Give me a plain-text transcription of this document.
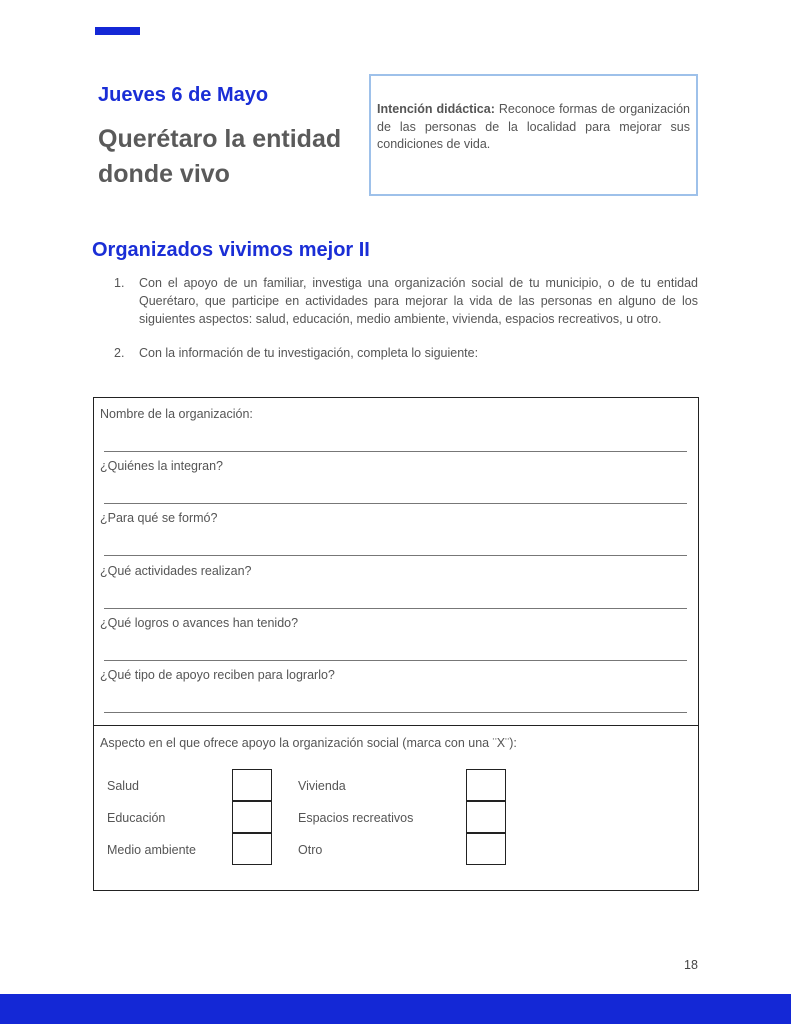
Jueves 6 de Mayo
Querétaro la entidad donde vivo
Intención didáctica: Reconoce formas de organización de las personas de la localidad para mejorar sus condiciones de vida.
Organizados vivimos mejor II
1.	Con el apoyo de un familiar, investiga una organización social de tu municipio, o de tu entidad Querétaro, que participe en actividades para mejorar la vida de las personas en alguno de los siguientes aspectos: salud, educación, medio ambiente, vivienda, espacios recreativos, u otro.
2.	Con la información de tu investigación, completa lo siguiente:
Nombre de la organización:
¿Quiénes la integran?
¿Para qué se formó?
¿Qué actividades realizan?
¿Qué logros o avances han tenido?
¿Qué tipo de apoyo reciben para lograrlo?
Aspecto en el que ofrece apoyo la organización social (marca con una ¨X¨):
Salud
Educación
Medio ambiente
Vivienda
Espacios recreativos
Otro
18
